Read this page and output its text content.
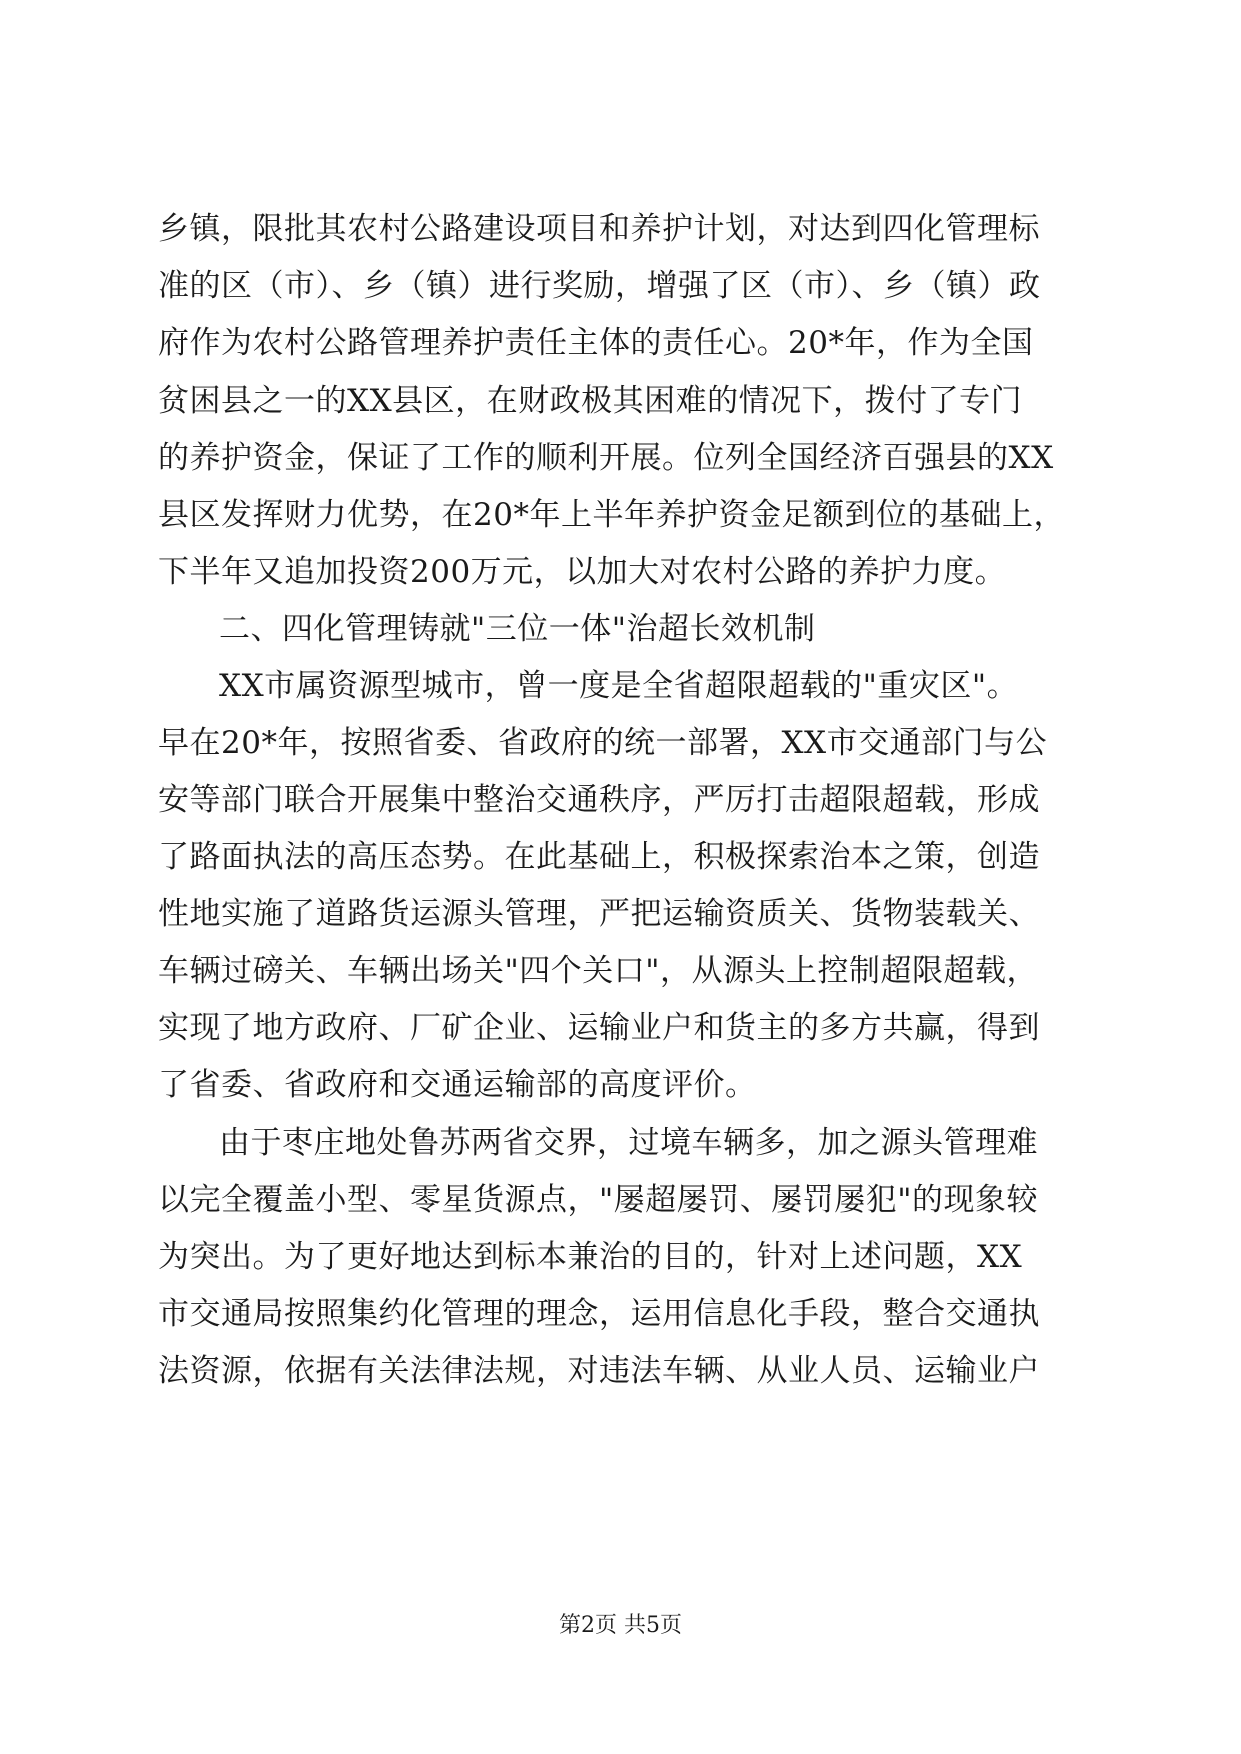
乡镇，限批其农村公路建设项目和养护计划，对达到四化管理标
准的区（市）、乡（镇）进行奖励，增强了区（市）、乡（镇）政
府作为农村公路管理养护责任主体的责任心。20*年，作为全国
贫困县之一的XX县区，在财政极其困难的情况下，拨付了专门
的养护资金，保证了工作的顺利开展。位列全国经济百强县的XX
县区发挥财力优势，在20*年上半年养护资金足额到位的基础上，
下半年又追加投资200万元，以加大对农村公路的养护力度。
二、四化管理铸就"三位一体"治超长效机制
XX市属资源型城市，曾一度是全省超限超载的"重灾区"。
早在20*年，按照省委、省政府的统一部署，XX市交通部门与公
安等部门联合开展集中整治交通秩序，严厉打击超限超载，形成
了路面执法的高压态势。在此基础上，积极探索治本之策，创造
性地实施了道路货运源头管理，严把运输资质关、货物装载关、
车辆过磅关、车辆出场关"四个关口"，从源头上控制超限超载，
实现了地方政府、厂矿企业、运输业户和货主的多方共赢，得到
了省委、省政府和交通运输部的高度评价。
由于枣庄地处鲁苏两省交界，过境车辆多，加之源头管理难
以完全覆盖小型、零星货源点，"屡超屡罚、屡罚屡犯"的现象较
为突出。为了更好地达到标本兼治的目的，针对上述问题，XX
市交通局按照集约化管理的理念，运用信息化手段，整合交通执
法资源，依据有关法律法规，对违法车辆、从业人员、运输业户
第2页 共5页
